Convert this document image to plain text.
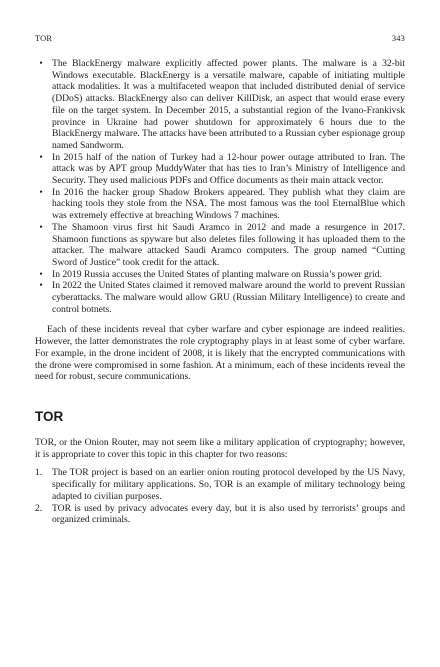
TOR	343
• The BlackEnergy malware explicitly affected power plants. The malware is a 32-bit Windows executable. BlackEnergy is a versatile malware, capable of initiating multiple attack modalities. It was a multifaceted weapon that included distributed denial of service (DDoS) attacks. BlackEnergy also can deliver KillDisk, an aspect that would erase every file on the target system. In December 2015, a substantial region of the Ivano-Frankivsk province in Ukraine had power shutdown for approximately 6 hours due to the BlackEnergy malware. The attacks have been attributed to a Russian cyber espionage group named Sandworm.
• In 2015 half of the nation of Turkey had a 12-hour power outage attributed to Iran. The attack was by APT group MuddyWater that has ties to Iran’s Ministry of Intelligence and Security. They used malicious PDFs and Office documents as their main attack vector.
• In 2016 the hacker group Shadow Brokers appeared. They publish what they claim are hacking tools they stole from the NSA. The most famous was the tool EternalBlue which was extremely effective at breaching Windows 7 machines.
• The Shamoon virus first hit Saudi Aramco in 2012 and made a resurgence in 2017. Shamoon functions as spyware but also deletes files following it has uploaded them to the attacker. The malware attacked Saudi Aramco computers. The group named “Cutting Sword of Justice” took credit for the attack.
• In 2019 Russia accuses the United States of planting malware on Russia’s power grid.
• In 2022 the United States claimed it removed malware around the world to prevent Russian cyberattacks. The malware would allow GRU (Russian Military Intelligence) to create and control botnets.

Each of these incidents reveal that cyber warfare and cyber espionage are indeed realities. However, the latter demonstrates the role cryptography plays in at least some of cyber warfare. For example, in the drone incident of 2008, it is likely that the encrypted communications with the drone were compromised in some fashion. At a minimum, each of these incidents reveal the need for robust, secure communications.

TOR

TOR, or the Onion Router, may not seem like a military application of cryptography; however, it is appropriate to cover this topic in this chapter for two reasons:

1. The TOR project is based on an earlier onion routing protocol developed by the US Navy, specifically for military applications. So, TOR is an example of military technology being adapted to civilian purposes.
2. TOR is used by privacy advocates every day, but it is also used by terrorists’ groups and organized criminals.
